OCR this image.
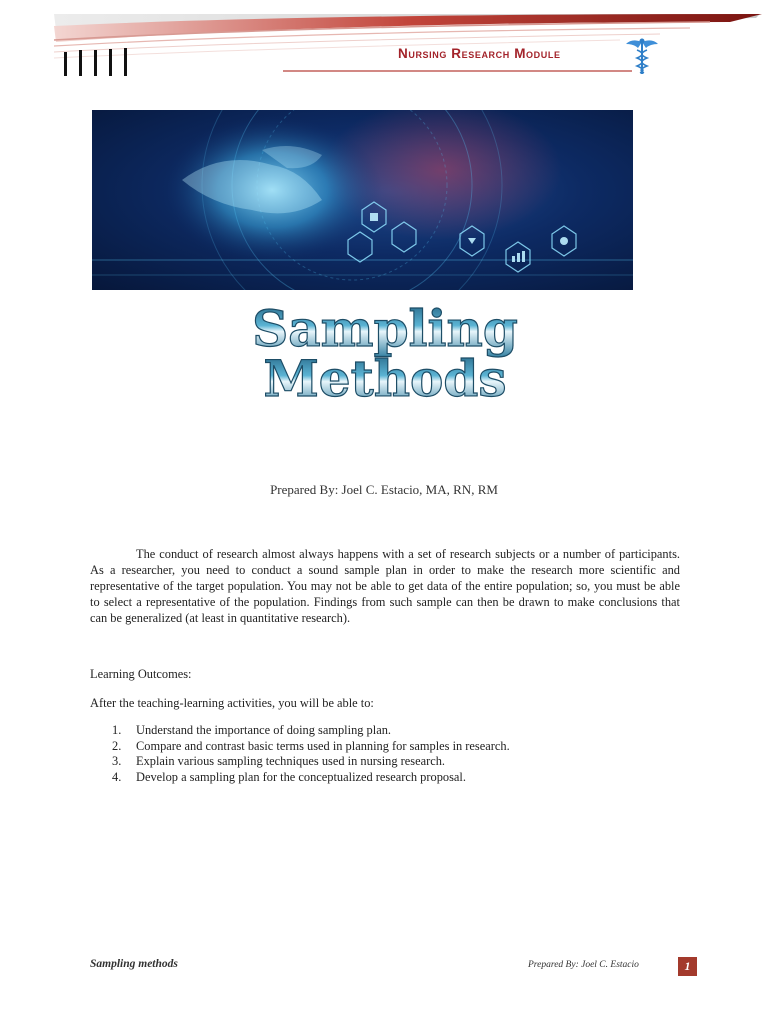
Nursing Research Module
Sampling
Methods
Prepared By: Joel C. Estacio, MA, RN, RM

The conduct of research almost always happens with a set of research subjects or a number of participants. As a researcher, you need to conduct a sound sample plan in order to make the research more scientific and representative of the target population. You may not be able to get data of the entire population; so, you must be able to select a representative of the population. Findings from such sample can then be drawn to make conclusions that can be generalized (at least in quantitative research).

Learning Outcomes:
After the teaching-learning activities, you will be able to:
1. Understand the importance of doing sampling plan.
2. Compare and contrast basic terms used in planning for samples in research.
3. Explain various sampling techniques used in nursing research.
4. Develop a sampling plan for the conceptualized research proposal.
Sampling methods	Prepared By: Joel C. Estacio	1
